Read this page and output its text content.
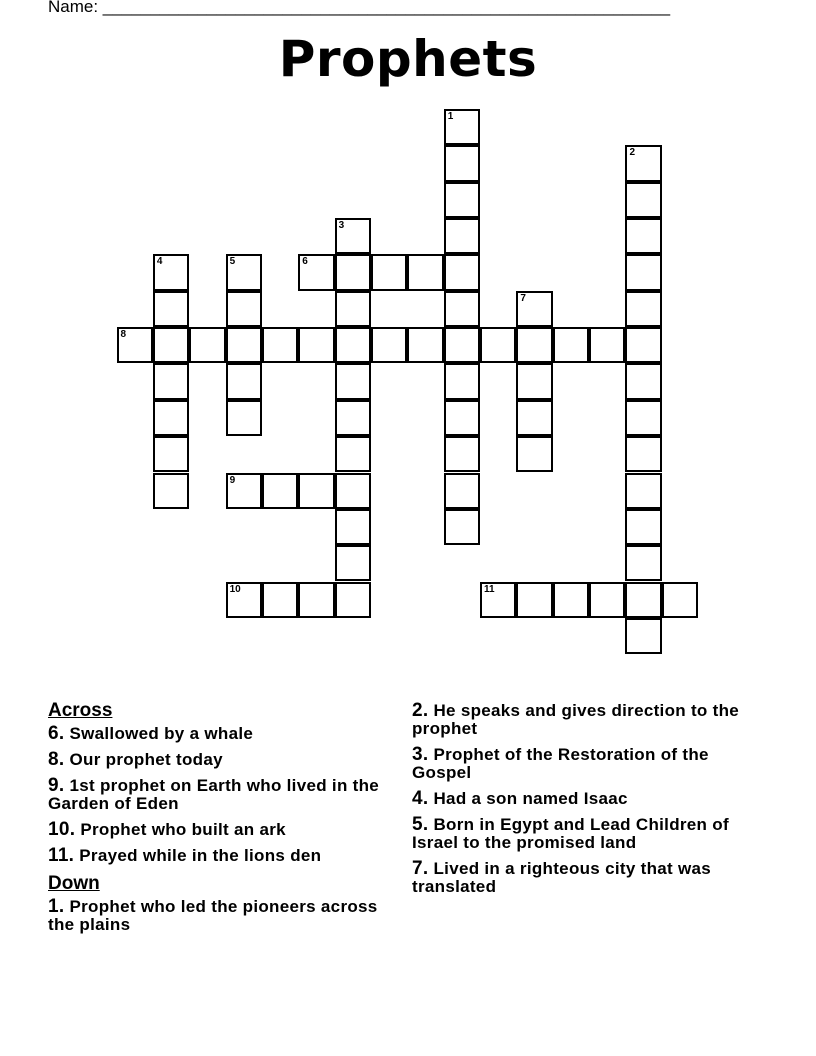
Name: ____________________________________________________________
Prophets
1
2
3
4	5	6
7
8
9
10	11

Across

6. Swallowed by a whale
8. Our prophet today
9. 1st prophet on Earth who lived in the Garden of Eden
10. Prophet who built an ark
11. Prayed while in the lions den

Down

1. Prophet who led the pioneers across the plains
2. He speaks and gives direction to the prophet
3. Prophet of the Restoration of the Gospel
4. Had a son named Isaac
5. Born in Egypt and Lead Children of Israel to the promised land
7. Lived in a righteous city that was translated
